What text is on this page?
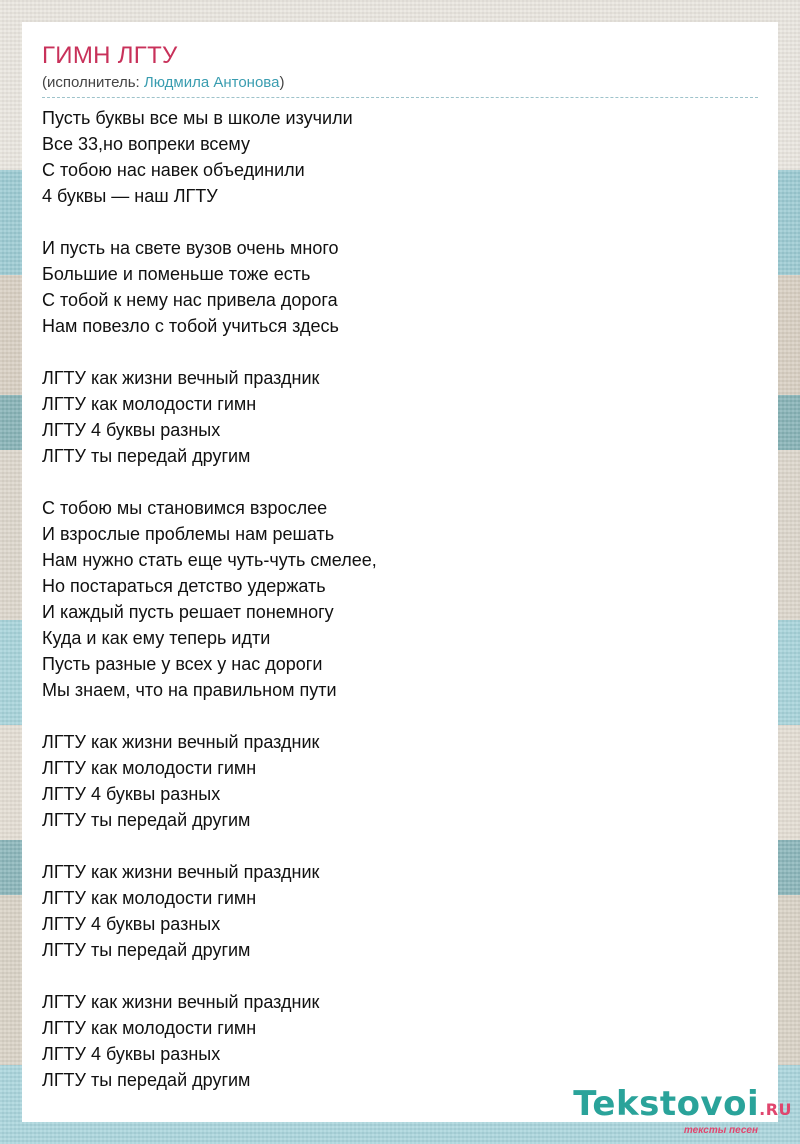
ГИМН ЛГТУ
(исполнитель: Людмила Антонова)
Пусть буквы все мы в школе изучили
Все 33,но вопреки всему
С тобою нас навек объединили
4 буквы — наш ЛГТУ
И пусть на свете вузов очень много
Большие и поменьше тоже есть
С тобой к нему нас привела дорога
Нам повезло с тобой учиться здесь
ЛГТУ как жизни вечный праздник
ЛГТУ как молодости гимн
ЛГТУ 4 буквы разных
ЛГТУ ты передай другим
С тобою мы становимся взрослее
И взрослые проблемы нам решать
Нам нужно стать еще чуть-чуть смелее,
Но постараться детство удержать
И каждый пусть решает понемногу
Куда и как ему теперь идти
Пусть разные у всех у нас дороги
Мы знаем, что на правильном пути
ЛГТУ как жизни вечный праздник
ЛГТУ как молодости гимн
ЛГТУ 4 буквы разных
ЛГТУ ты передай другим
ЛГТУ как жизни вечный праздник
ЛГТУ как молодости гимн
ЛГТУ 4 буквы разных
ЛГТУ ты передай другим
ЛГТУ как жизни вечный праздник
ЛГТУ как молодости гимн
ЛГТУ 4 буквы разных
ЛГТУ ты передай другим
Tekstovoi.RU
тексты песен
